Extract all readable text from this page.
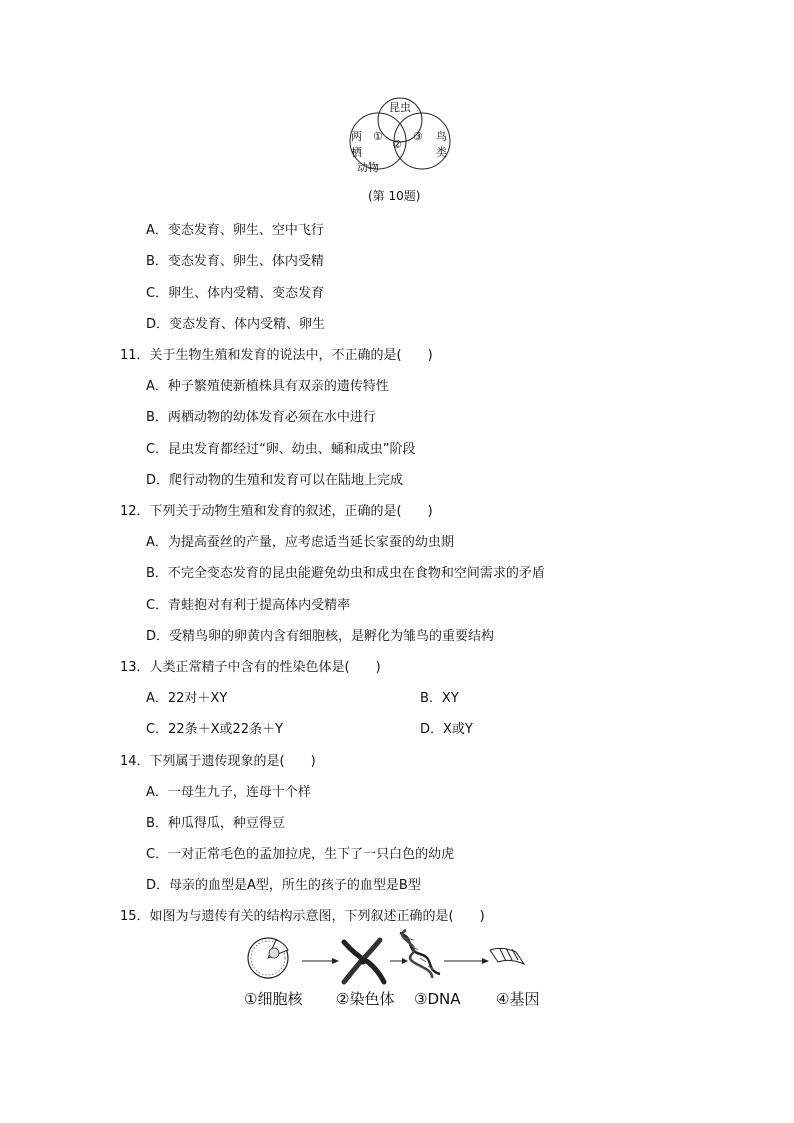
昆虫
两
栖
动物
鸟
类
①
②
③
(第 10题)
A．变态发育、卵生、空中飞行
B．变态发育、卵生、体内受精
C．卵生、体内受精、变态发育
D．变态发育、体内受精、卵生
11．关于生物生殖和发育的说法中，不正确的是(　　)
A．种子繁殖使新植株具有双亲的遗传特性
B．两栖动物的幼体发育必须在水中进行
C．昆虫发育都经过“卵、幼虫、蛹和成虫”阶段
D．爬行动物的生殖和发育可以在陆地上完成
12．下列关于动物生殖和发育的叙述，正确的是(　　)
A．为提高蚕丝的产量，应考虑适当延长家蚕的幼虫期
B．不完全变态发育的昆虫能避免幼虫和成虫在食物和空间需求的矛盾
C．青蛙抱对有利于提高体内受精率
D．受精鸟卵的卵黄内含有细胞核，是孵化为雏鸟的重要结构
13．人类正常精子中含有的性染色体是(　　)
A．22对＋XY	B．XY
C．22条＋X或22条＋Y	D．X或Y
14．下列属于遗传现象的是(　　)
A．一母生九子，连母十个样
B．种瓜得瓜，种豆得豆
C．一对正常毛色的孟加拉虎，生下了一只白色的幼虎
D．母亲的血型是A型，所生的孩子的血型是B型
15．如图为与遗传有关的结构示意图，下列叙述正确的是(　　)
①细胞核 ②染色体 ③DNA ④基因
